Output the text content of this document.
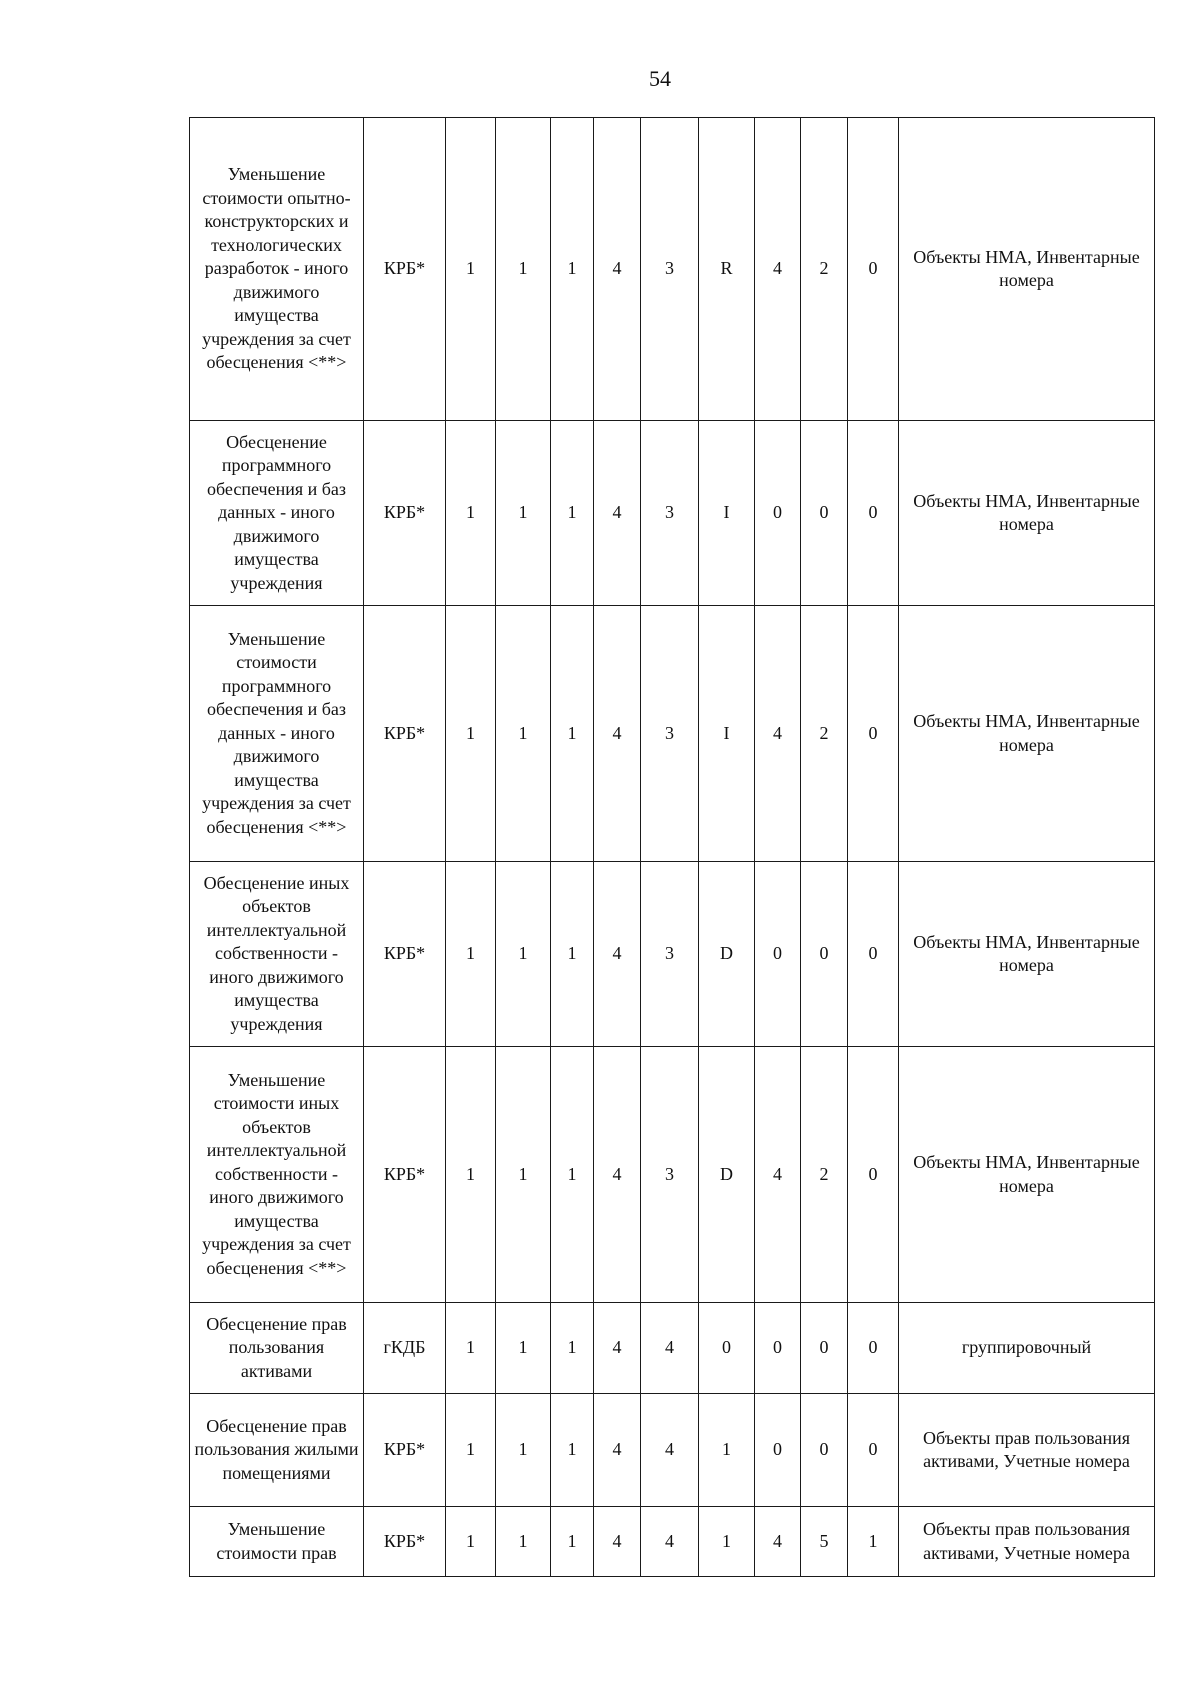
54
Уменьшение стоимости опытно-конструкторских и технологических разработок - иного движимого имущества учреждения за счет обесценения <**>	КРБ*	1	1	1	4	3	R	4	2	0	Объекты НМА, Инвентарные номера
Обесценение программного обеспечения и баз данных - иного движимого имущества учреждения	КРБ*	1	1	1	4	3	I	0	0	0	Объекты НМА, Инвентарные номера
Уменьшение стоимости программного обеспечения и баз данных - иного движимого имущества учреждения за счет обесценения <**>	КРБ*	1	1	1	4	3	I	4	2	0	Объекты НМА, Инвентарные номера
Обесценение иных объектов интеллектуальной собственности - иного движимого имущества учреждения	КРБ*	1	1	1	4	3	D	0	0	0	Объекты НМА, Инвентарные номера
Уменьшение стоимости иных объектов интеллектуальной собственности - иного движимого имущества учреждения за счет обесценения <**>	КРБ*	1	1	1	4	3	D	4	2	0	Объекты НМА, Инвентарные номера
Обесценение прав пользования активами	гКДБ	1	1	1	4	4	0	0	0	0	группировочный
Обесценение прав пользования жилыми помещениями	КРБ*	1	1	1	4	4	1	0	0	0	Объекты прав пользования активами, Учетные номера
Уменьшение стоимости прав	КРБ*	1	1	1	4	4	1	4	5	1	Объекты прав пользования активами, Учетные номера
